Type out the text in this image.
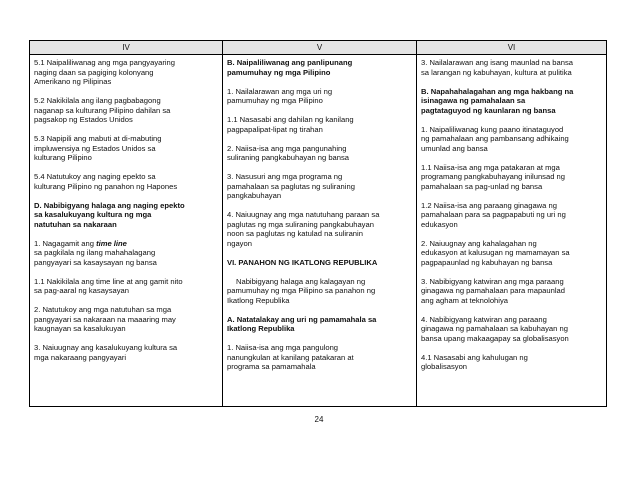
IV	V	VI
5.1 Naipaliliwanag ang mga pangyayaring
naging daan sa pagiging kolonyang
Amerikano ng Pilipinas
5.2 Nakikilala ang ilang pagbabagong
naganap sa kulturang Pilipino dahilan sa
pagsakop ng Estados Unidos
5.3 Napipili ang mabuti at di-mabuting
impluwensiya ng Estados Unidos sa
kulturang Pilipino
5.4 Natutukoy ang naging epekto sa
kulturang Pilipino ng panahon ng Hapones
D. Nabibigyang halaga ang naging epekto
sa kasalukuyang kultura ng mga
natutuhan sa nakaraan
1. Nagagamit ang time line
sa pagkilala ng ilang mahahalagang
pangyayari sa kasaysayan ng bansa
1.1 Nakikilala ang time line at ang gamit nito
sa pag-aaral ng kasaysayan
2. Natutukoy ang mga natutuhan sa mga
pangyayari sa nakaraan na maaaring may
kaugnayan sa kasalukuyan
3. Naiuugnay ang kasalukuyang kultura sa
mga nakaraang pangyayari
B. Naipaliliwanag ang panlipunang
pamumuhay ng mga Pilipino
1. Nailalarawan ang mga uri ng
pamumuhay ng mga Pilipino
1.1 Nasasabi ang dahilan ng kanilang
pagpapalipat-lipat ng tirahan
2. Naiisa-isa ang mga pangunahing
suliraning pangkabuhayan ng bansa
3. Nasusuri ang mga programa ng
pamahalaan sa paglutas ng suliraning
pangkabuhayan
4. Naiuugnay ang mga natutuhang paraan sa
paglutas ng mga suliraning pangkabuhayan
noon sa paglutas ng katulad na suliranin
ngayon
VI. PANAHON NG IKATLONG REPUBLIKA
Nabibigyang halaga ang kalagayan ng
pamumuhay ng mga Pilipino sa panahon ng
Ikatlong Republika
A. Natatalakay ang uri ng pamamahala sa
Ikatlong Republika
1. Naiisa-isa ang mga pangulong
nanungkulan at kanilang patakaran at
programa sa pamamahala
3. Nailalarawan ang isang maunlad na bansa
sa larangan ng kabuhayan, kultura at pulitika
B. Napahahalagahan ang mga hakbang na
isinagawa ng pamahalaan sa
pagtataguyod ng kaunlaran ng bansa
1. Naipaliliwanag kung paano itinataguyod
ng pamahalaan ang pambansang adhikaing
umunlad ang bansa
1.1 Naiisa-isa ang mga patakaran at mga
programang pangkabuhayang inilunsad ng
pamahalaan sa pag-unlad ng bansa
1.2 Naiisa-isa ang paraang ginagawa ng
pamahalaan para sa pagpapabuti ng uri ng
edukasyon
2. Naiuugnay ang kahalagahan ng
edukasyon at kalusugan ng mamamayan sa
pagpapaunlad ng kabuhayan ng bansa
3. Nabibigyang katwiran ang mga paraang
ginagawa ng pamahalaan para mapaunlad
ang agham at teknolohiya
4. Nabibigyang katwiran ang paraang
ginagawa ng pamahalaan sa kabuhayan ng
bansa upang makaagapay sa globalisasyon
4.1 Nasasabi ang kahulugan ng
globalisasyon
24
